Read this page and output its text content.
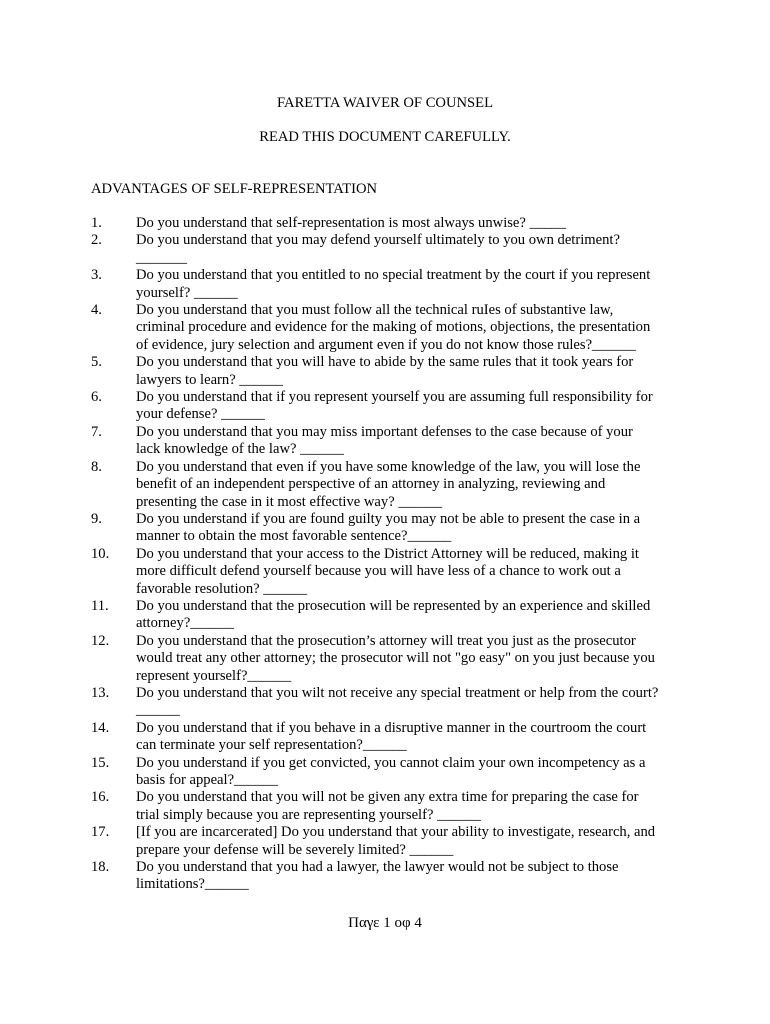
FARETTA WAIVER OF COUNSEL
READ THIS DOCUMENT CAREFULLY.
ADVANTAGES OF SELF-REPRESENTATION
1.	Do you understand that self-representation is most always unwise? _____
2.	Do you understand that you may defend yourself ultimately to you own detriment?
_______
3.	Do you understand that you entitled to no special treatment by the court if you represent
yourself? ______
4.	Do you understand that you must follow all the technical ruIes of substantive law,
criminal procedure and evidence for the making of motions, objections, the presentation
of evidence, jury selection and argument even if you do not know those rules?______
5.	Do you understand that you will have to abide by the same rules that it took years for
lawyers to learn? ______
6.	Do you understand that if you represent yourself you are assuming full responsibility for
your defense? ______
7.	Do you understand that you may miss important defenses to the case because of your
lack knowledge of the law? ______
8.	Do you understand that even if you have some knowledge of the law, you will lose the
benefit of an independent perspective of an attorney in analyzing, reviewing and
presenting the case in it most effective way? ______
9.	Do you understand if you are found guilty you may not be able to present the case in a
manner to obtain the most favorable sentence?______
10.	Do you understand that your access to the District Attorney will be reduced, making it
more difficult defend yourself because you will have less of a chance to work out a
favorable resolution? ______
11.	Do you understand that the prosecution will be represented by an experience and skilled
attorney?______
12.	Do you understand that the prosecution’s attorney will treat you just as the prosecutor
would treat any other attorney; the prosecutor will not "go easy" on you just because you
represent yourself?______
13.	Do you understand that you wilt not receive any special treatment or help from the court?
______
14.	Do you understand that if you behave in a disruptive manner in the courtroom the court
can terminate your self representation?______
15.	Do you understand if you get convicted, you cannot claim your own incompetency as a
basis for appeal?______
16.	Do you understand that you will not be given any extra time for preparing the case for
trial simply because you are representing yourself? ______
17.	[If you are incarcerated] Do you understand that your ability to investigate, research, and
prepare your defense will be severely limited? ______
18.	Do you understand that you had a lawyer, the lawyer would not be subject to those
limitations?______
Παγε 1 οφ 4
